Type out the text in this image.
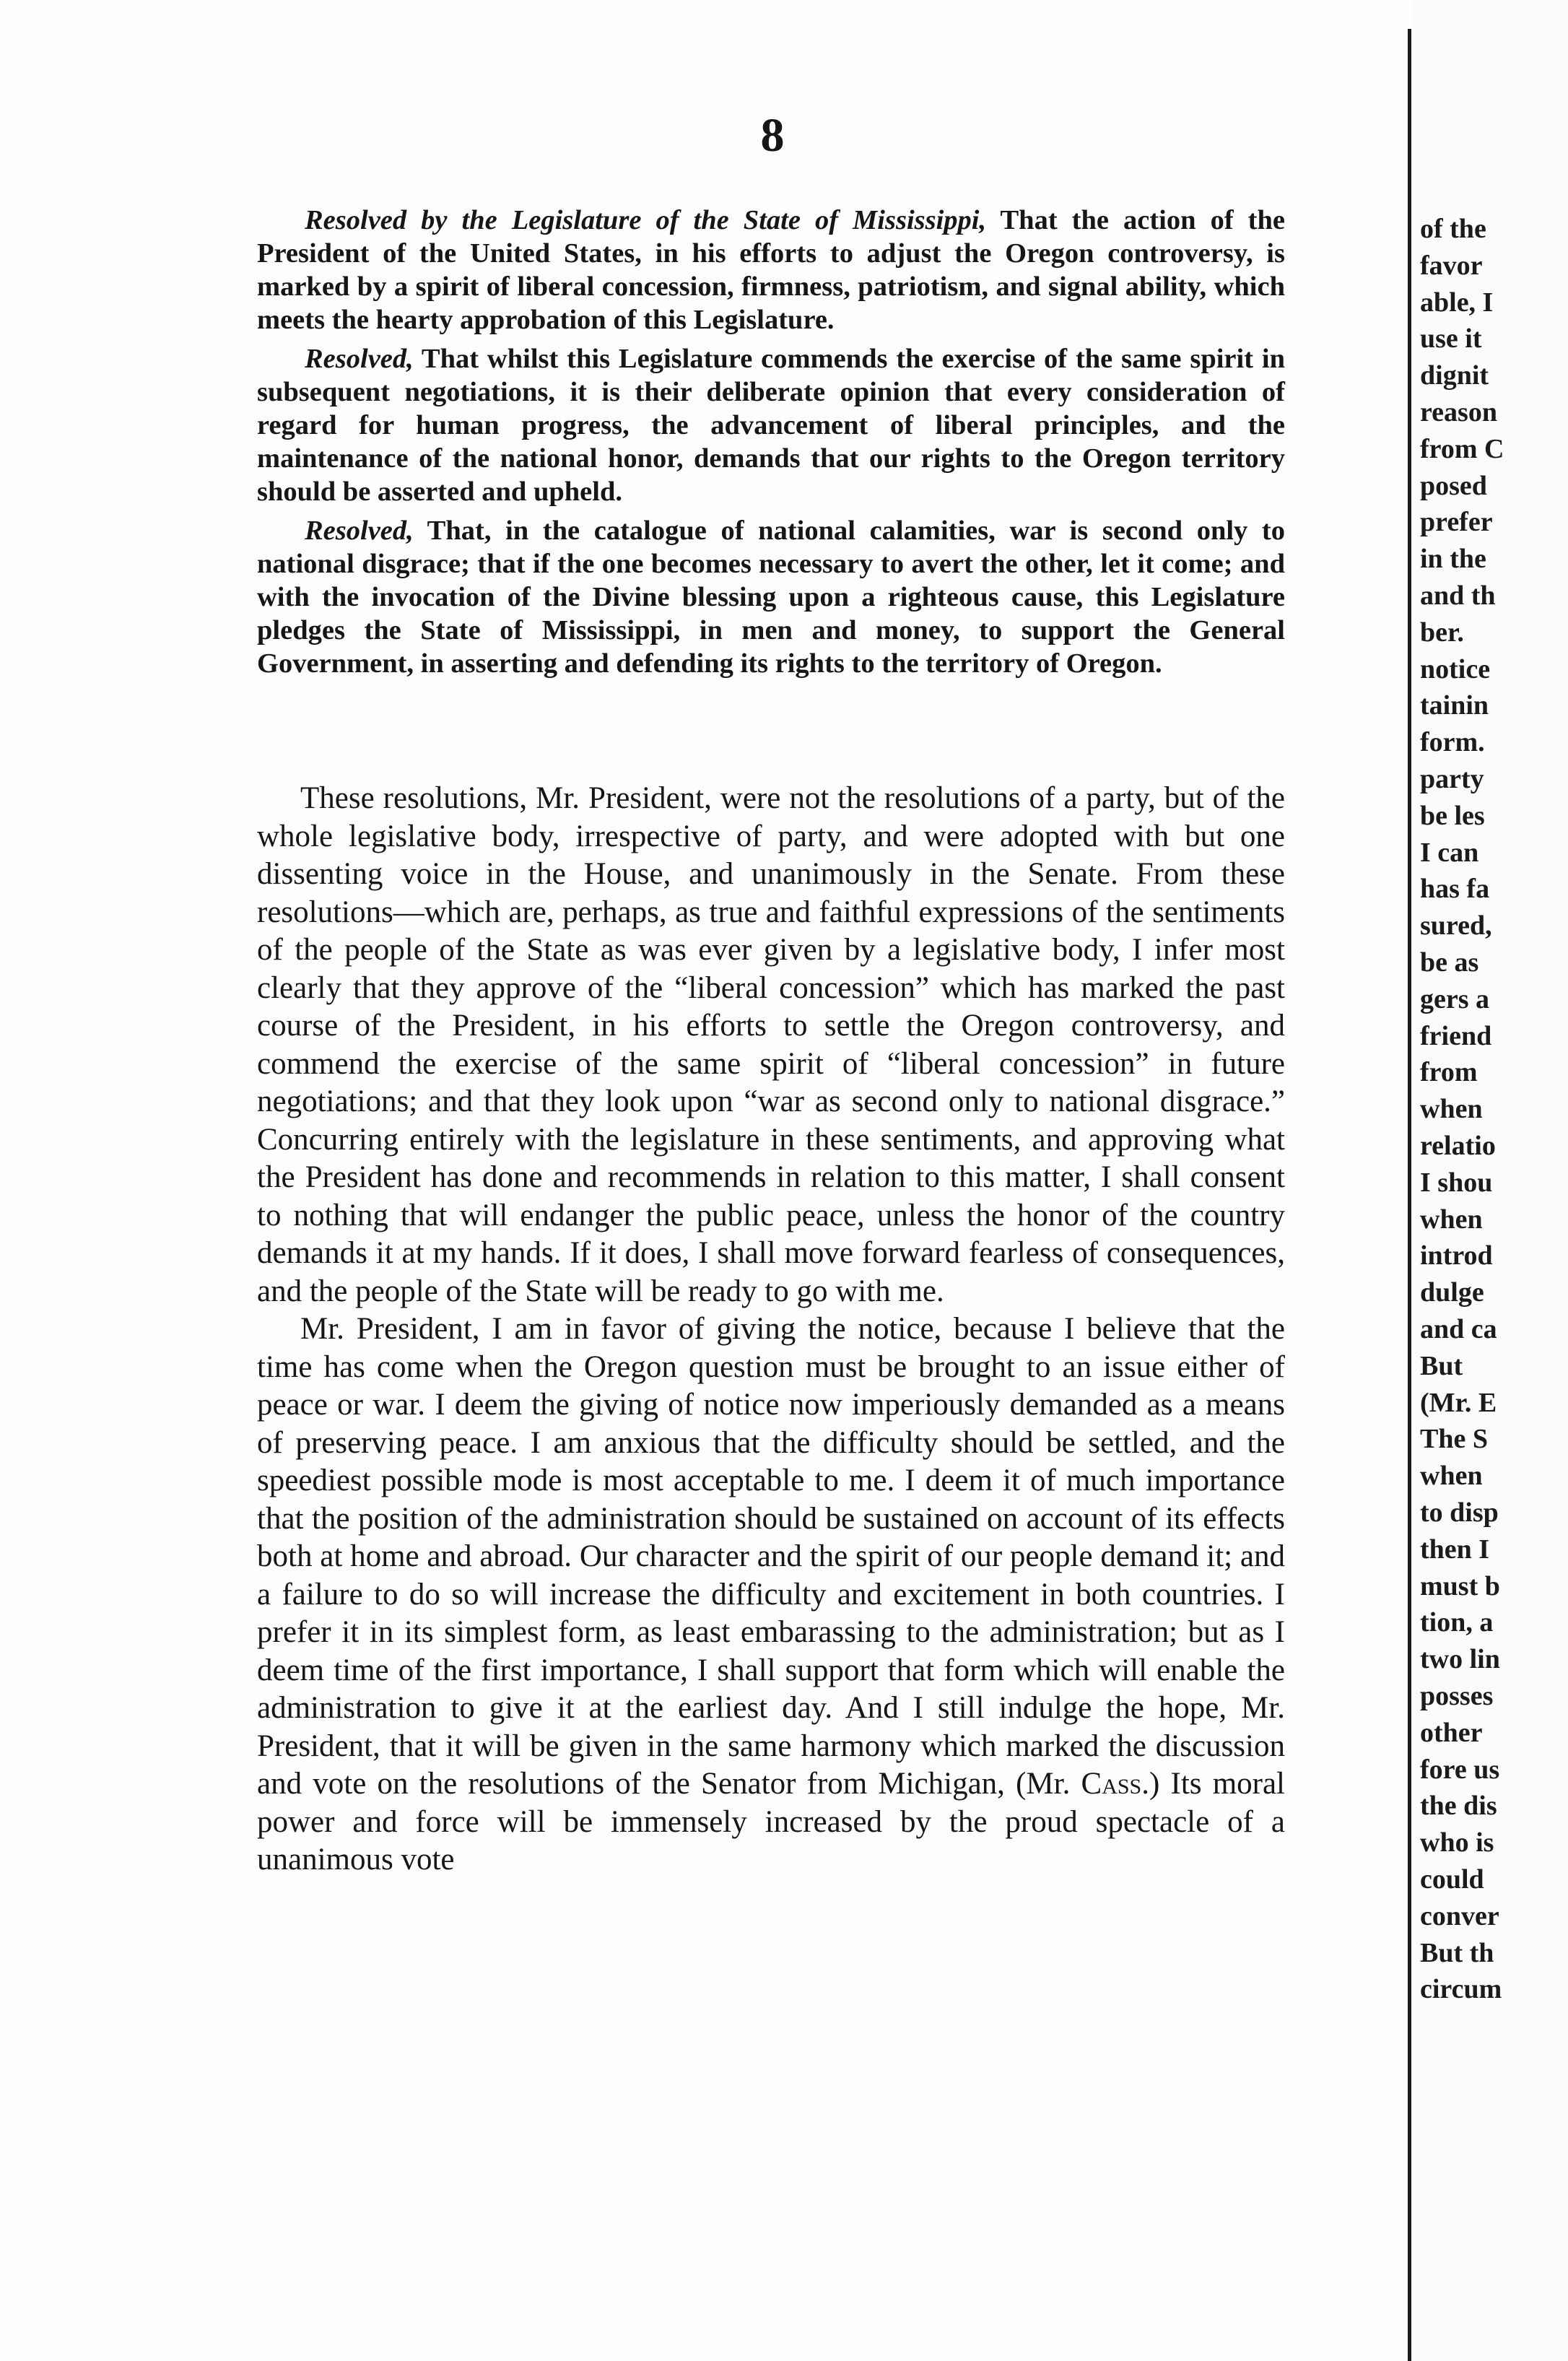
8

Resolved by the Legislature of the State of Mississippi, That the action of the President of the United States, in his efforts to adjust the Oregon controversy, is marked by a spirit of liberal concession, firmness, patriotism, and signal ability, which meets the hearty approbation of this Legislature.

Resolved, That whilst this Legislature commends the exercise of the same spirit in subsequent negotiations, it is their deliberate opinion that every consideration of regard for human progress, the advancement of liberal principles, and the maintenance of the national honor, demands that our rights to the Oregon territory should be asserted and upheld.

Resolved, That, in the catalogue of national calamities, war is second only to national disgrace; that if the one becomes necessary to avert the other, let it come; and with the invocation of the Divine blessing upon a righteous cause, this Legislature pledges the State of Mississippi, in men and money, to support the General Government, in asserting and defending its rights to the territory of Oregon.

These resolutions, Mr. President, were not the resolutions of a party, but of the whole legislative body, irrespective of party, and were adopted with but one dissenting voice in the House, and unanimously in the Senate. From these resolutions—which are, perhaps, as true and faithful expressions of the sentiments of the people of the State as was ever given by a legislative body, I infer most clearly that they approve of the “liberal concession” which has marked the past course of the President, in his efforts to settle the Oregon controversy, and commend the exercise of the same spirit of “liberal concession” in future negotiations; and that they look upon “war as second only to national disgrace.” Concurring entirely with the legislature in these sentiments, and approving what the President has done and recommends in relation to this matter, I shall consent to nothing that will endanger the public peace, unless the honor of the country demands it at my hands. If it does, I shall move forward fearless of consequences, and the people of the State will be ready to go with me.

Mr. President, I am in favor of giving the notice, because I believe that the time has come when the Oregon question must be brought to an issue either of peace or war. I deem the giving of notice now imperiously demanded as a means of preserving peace. I am anxious that the difficulty should be settled, and the speediest possible mode is most acceptable to me. I deem it of much importance that the position of the administration should be sustained on account of its effects both at home and abroad. Our character and the spirit of our people demand it; and a failure to do so will increase the difficulty and excitement in both countries. I prefer it in its simplest form, as least embarassing to the administration; but as I deem time of the first importance, I shall support that form which will enable the administration to give it at the earliest day. And I still indulge the hope, Mr. President, that it will be given in the same harmony which marked the discussion and vote on the resolutions of the Senator from Michigan, (Mr. Cass.) Its moral power and force will be immensely increased by the proud spectacle of a unanimous vote

of the
favor
able, I
use it
dignit
reason
from C
posed
prefer
in the
and th
ber.
notice
tainin
form.
party
be les
I can
has fa
sured,
be as
gers a
friend
from
when
relatio
I shou
when
introd
dulge
and ca
But
(Mr. E
The S
when
to disp
then I
must b
tion, a
two lin
posses
other
fore us
the dis
who is
could
conver
But th
circum
